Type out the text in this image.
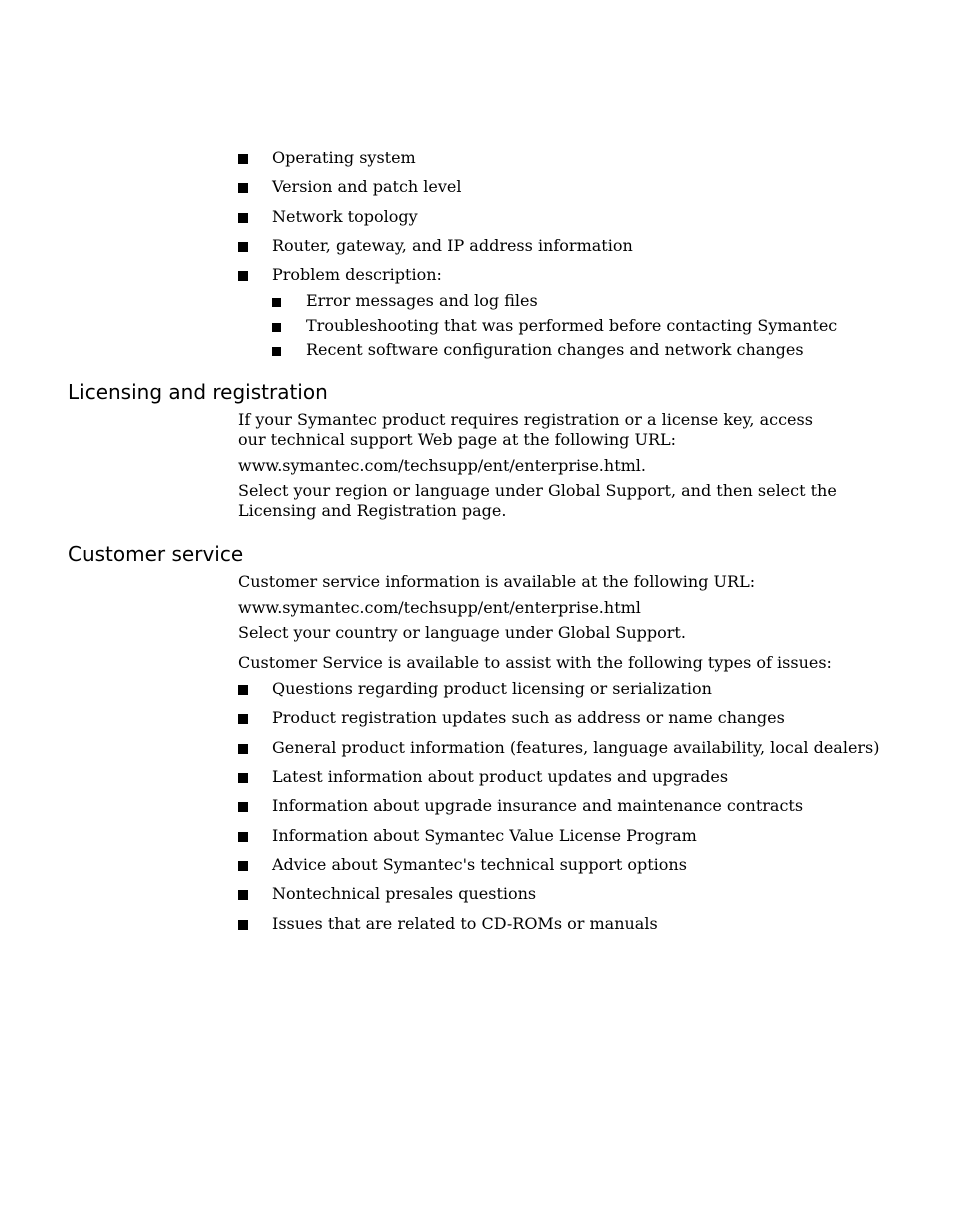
Operating system
Version and patch level
Network topology
Router, gateway, and IP address information
Problem description:
Error messages and log files
Troubleshooting that was performed before contacting Symantec
Recent software configuration changes and network changes
Licensing and registration
If your Symantec product requires registration or a license key, access our technical support Web page at the following URL:
www.symantec.com/techsupp/ent/enterprise.html.
Select your region or language under Global Support, and then select the Licensing and Registration page.
Customer service
Customer service information is available at the following URL:
www.symantec.com/techsupp/ent/enterprise.html
Select your country or language under Global Support.
Customer Service is available to assist with the following types of issues:
Questions regarding product licensing or serialization
Product registration updates such as address or name changes
General product information (features, language availability, local dealers)
Latest information about product updates and upgrades
Information about upgrade insurance and maintenance contracts
Information about Symantec Value License Program
Advice about Symantec's technical support options
Nontechnical presales questions
Issues that are related to CD-ROMs or manuals
